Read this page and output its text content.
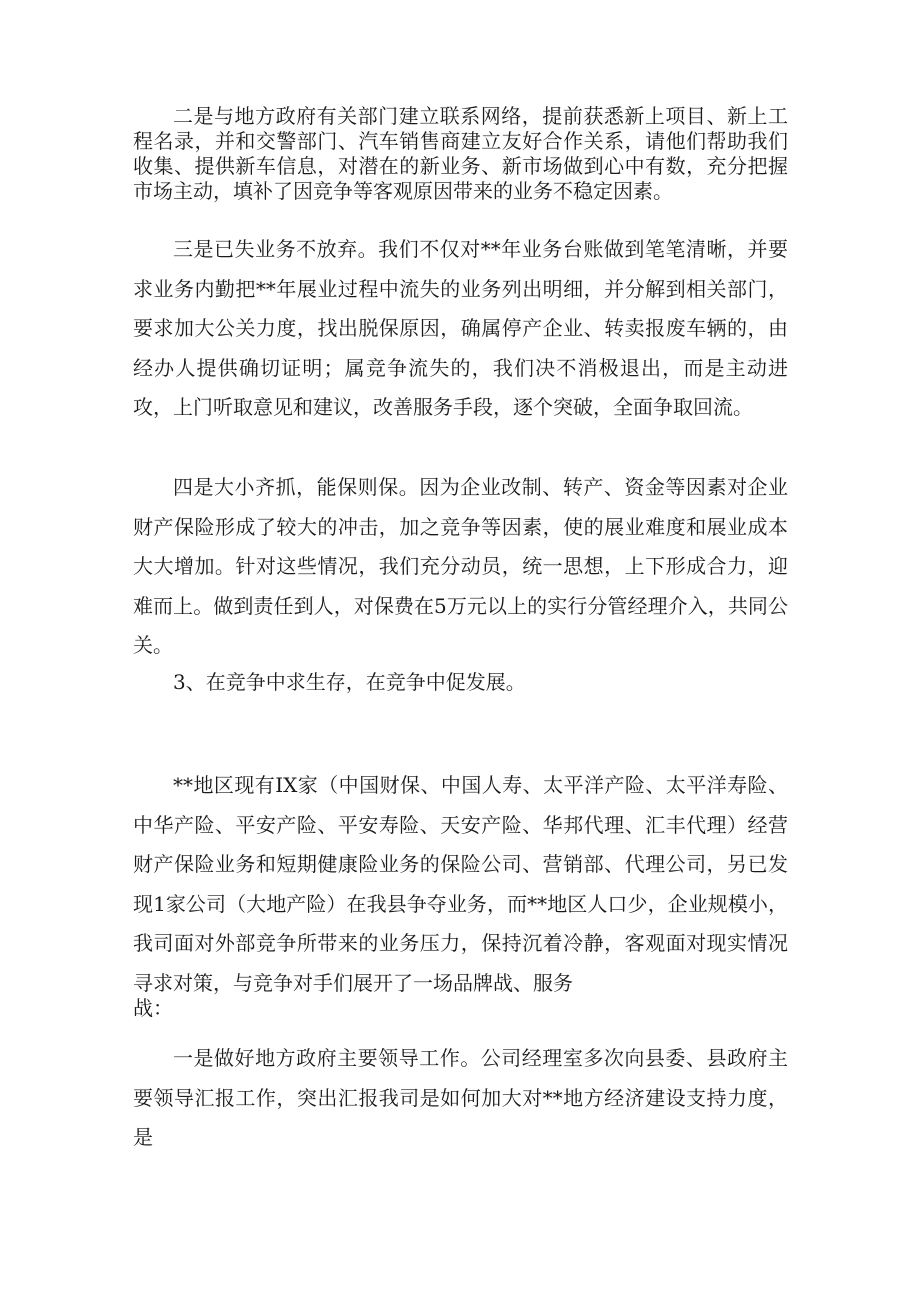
二是与地方政府有关部门建立联系网络，提前获悉新上项目、新上工程名录，并和交警部门、汽车销售商建立友好合作关系，请他们帮助我们收集、提供新车信息，对潜在的新业务、新市场做到心中有数，充分把握市场主动，填补了因竞争等客观原因带来的业务不稳定因素。

三是已失业务不放弃。我们不仅对**年业务台账做到笔笔清晰，并要求业务内勤把**年展业过程中流失的业务列出明细，并分解到相关部门，要求加大公关力度，找出脱保原因，确属停产企业、转卖报废车辆的，由经办人提供确切证明；属竞争流失的，我们决不消极退出，而是主动进攻，上门听取意见和建议，改善服务手段，逐个突破，全面争取回流。

四是大小齐抓，能保则保。因为企业改制、转产、资金等因素对企业财产保险形成了较大的冲击，加之竞争等因素，使的展业难度和展业成本大大增加。针对这些情况，我们充分动员，统一思想，上下形成合力，迎难而上。做到责任到人，对保费在5万元以上的实行分管经理介入，共同公关。

3、在竞争中求生存，在竞争中促发展。

**地区现有IX家（中国财保、中国人寿、太平洋产险、太平洋寿险、中华产险、平安产险、平安寿险、天安产险、华邦代理、汇丰代理）经营财产保险业务和短期健康险业务的保险公司、营销部、代理公司，另已发现1家公司（大地产险）在我县争夺业务，而**地区人口少，企业规模小，我司面对外部竞争所带来的业务压力，保持沉着冷静，客观面对现实情况寻求对策，与竞争对手们展开了一场品牌战、服务
战：

一是做好地方政府主要领导工作。公司经理室多次向县委、县政府主要领导汇报工作，突出汇报我司是如何加大对**地方经济建设支持力度，是
